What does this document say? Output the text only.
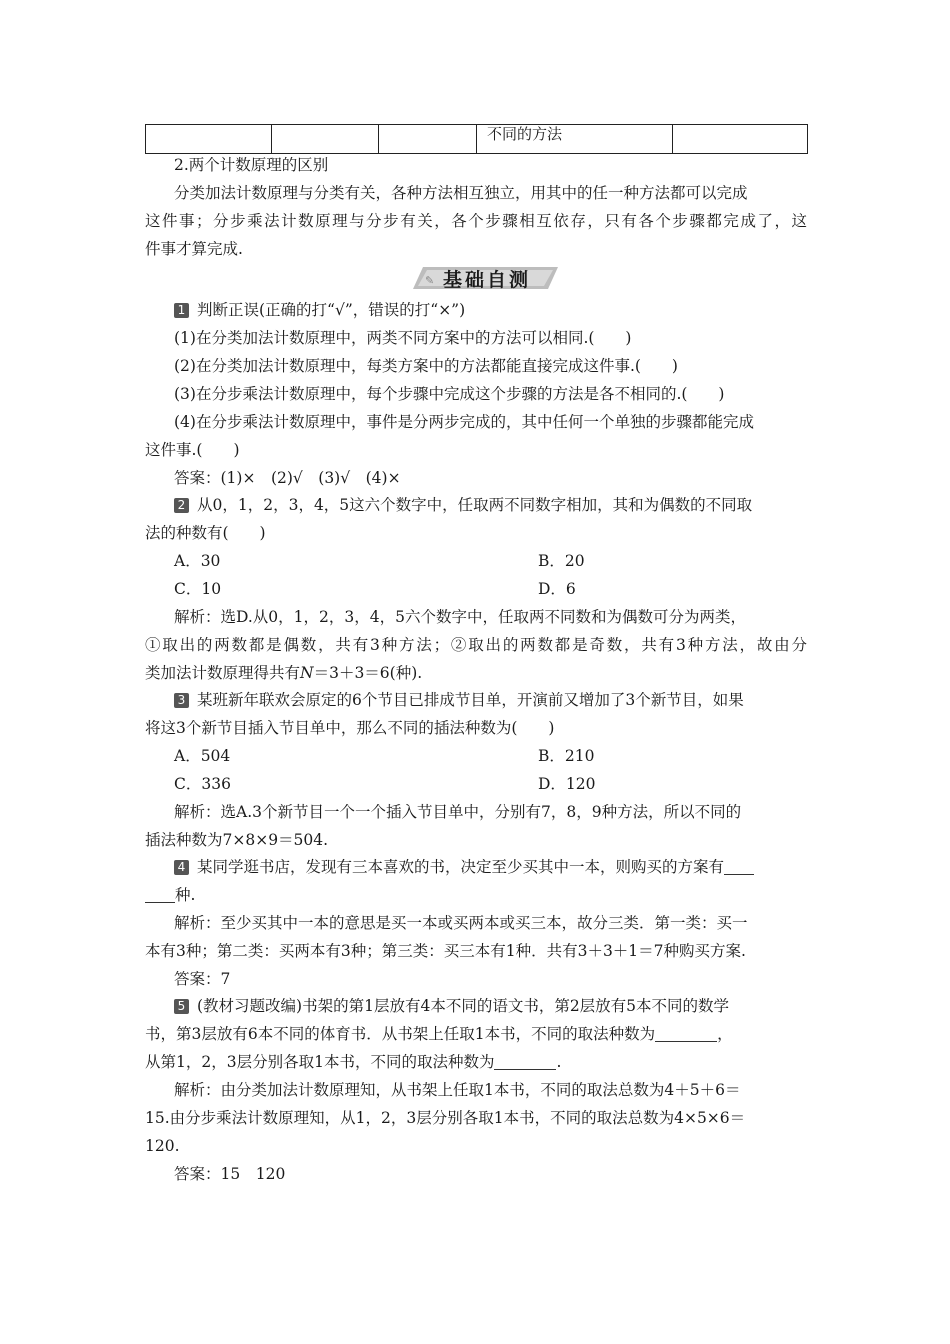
			不同的方法	
2.两个计数原理的区别
分类加法计数原理与分类有关，各种方法相互独立，用其中的任一种方法都可以完成
这件事；分步乘法计数原理与分步有关，各个步骤相互依存，只有各个步骤都完成了，这
件事才算完成.
✎ 基础自测
1 判断正误(正确的打“√”，错误的打“×”)
(1)在分类加法计数原理中，两类不同方案中的方法可以相同.(　　)
(2)在分类加法计数原理中，每类方案中的方法都能直接完成这件事.(　　)
(3)在分步乘法计数原理中，每个步骤中完成这个步骤的方法是各不相同的.(　　)
(4)在分步乘法计数原理中，事件是分两步完成的，其中任何一个单独的步骤都能完成
这件事.(　　)
答案：(1)×　(2)√　(3)√　(4)×
2 从0，1，2，3，4，5这六个数字中，任取两不同数字相加，其和为偶数的不同取
法的种数有(　　)
A．30	B．20
C．10	D．6
解析：选D.从0，1，2，3，4，5六个数字中，任取两不同数和为偶数可分为两类，
①取出的两数都是偶数，共有3种方法；②取出的两数都是奇数，共有3种方法，故由分
类加法计数原理得共有N＝3＋3＝6(种).
3 某班新年联欢会原定的6个节目已排成节目单，开演前又增加了3个新节目，如果
将这3个新节目插入节目单中，那么不同的插法种数为(　　)
A．504	B．210
C．336	D．120
解析：选A.3个新节目一个一个插入节目单中，分别有7，8，9种方法，所以不同的
插法种数为7×8×9＝504.
4 某同学逛书店，发现有三本喜欢的书，决定至少买其中一本，则购买的方案有
种.
解析：至少买其中一本的意思是买一本或买两本或买三本，故分三类．第一类：买一
本有3种；第二类：买两本有3种；第三类：买三本有1种．共有3＋3＋1＝7种购买方案.
答案：7
5 (教材习题改编)书架的第1层放有4本不同的语文书，第2层放有5本不同的数学
书，第3层放有6本不同的体育书．从书架上任取1本书，不同的取法种数为	，
从第1，2，3层分别各取1本书，不同的取法种数为	.
解析：由分类加法计数原理知，从书架上任取1本书，不同的取法总数为4＋5＋6＝
15.由分步乘法计数原理知，从1，2，3层分别各取1本书，不同的取法总数为4×5×6＝
120.
答案：15　120
